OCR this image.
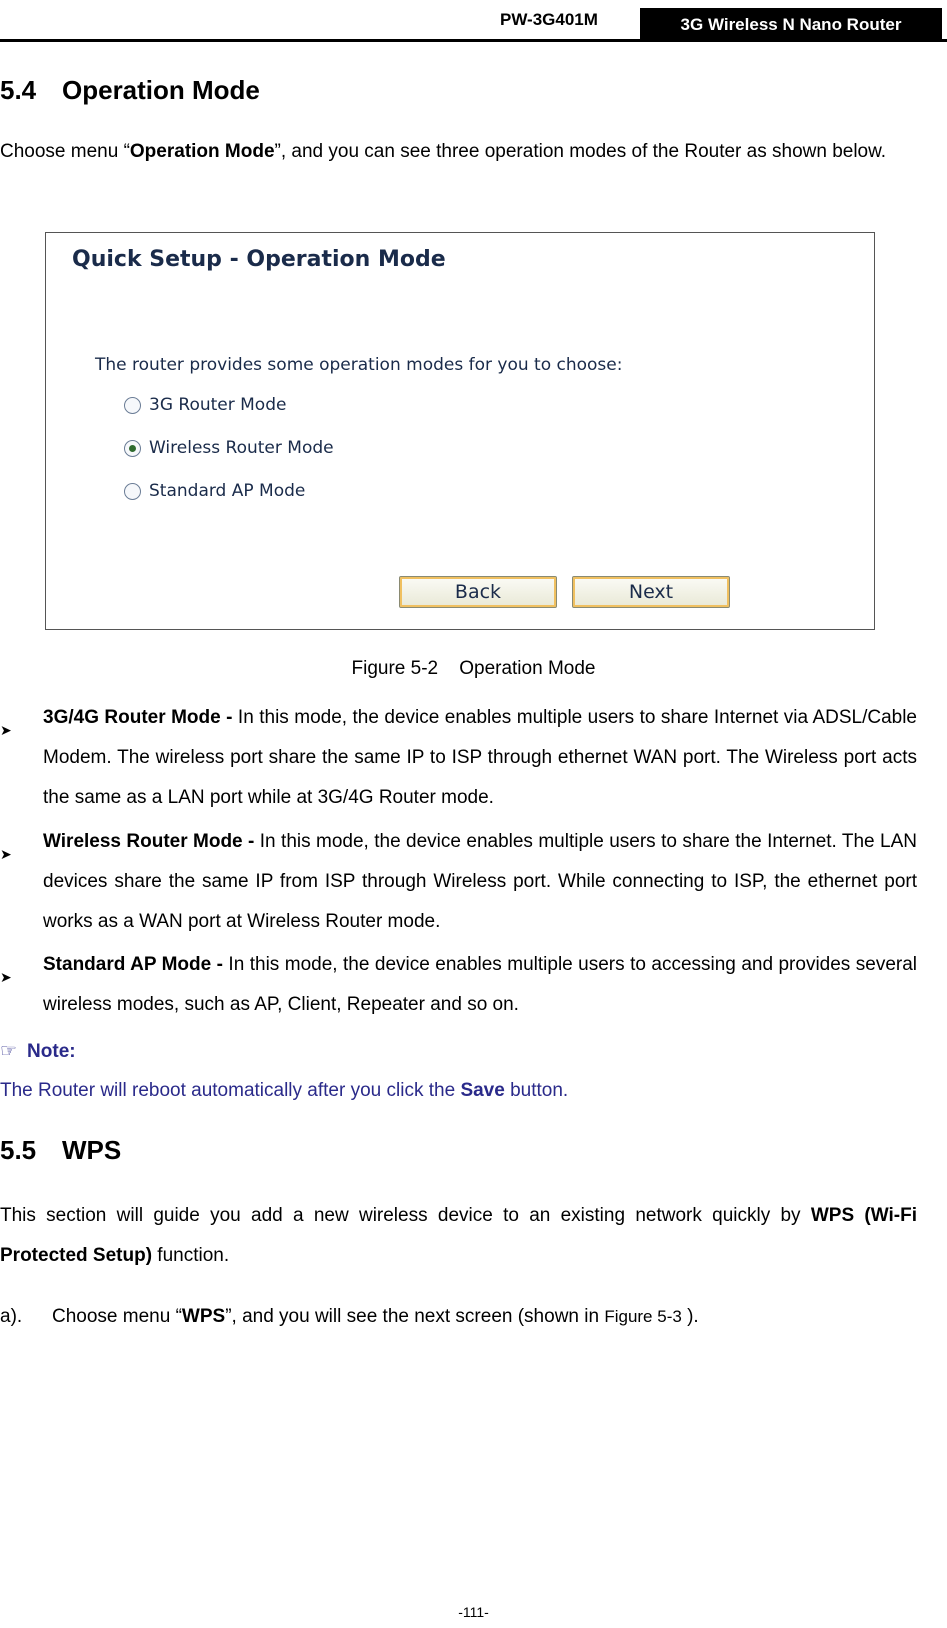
PW-3G401M	3G Wireless N Nano Router
5.4 Operation Mode
Choose menu “Operation Mode”, and you can see three operation modes of the Router as shown below.
Quick Setup - Operation Mode
The router provides some operation modes for you to choose:
3G Router Mode
Wireless Router Mode
Standard AP Mode
Back	Next
Figure 5-2    Operation Mode
➤
3G/4G Router Mode - In this mode, the device enables multiple users to share Internet via ADSL/Cable Modem. The wireless port share the same IP to ISP through ethernet WAN port. The Wireless port acts the same as a LAN port while at 3G/4G Router mode.
➤
Wireless Router Mode - In this mode, the device enables multiple users to share the Internet. The LAN devices share the same IP from ISP through Wireless port. While connecting to ISP, the ethernet port works as a WAN port at Wireless Router mode.
➤
Standard AP Mode - In this mode, the device enables multiple users to accessing and provides several wireless modes, such as AP, Client, Repeater and so on.
☞ Note:
The Router will reboot automatically after you click the Save button.
5.5 WPS
This section will guide you add a new wireless device to an existing network quickly by WPS (Wi-Fi Protected Setup) function.
a). Choose menu “WPS”, and you will see the next screen (shown in Figure 5-3 ).
-111-
